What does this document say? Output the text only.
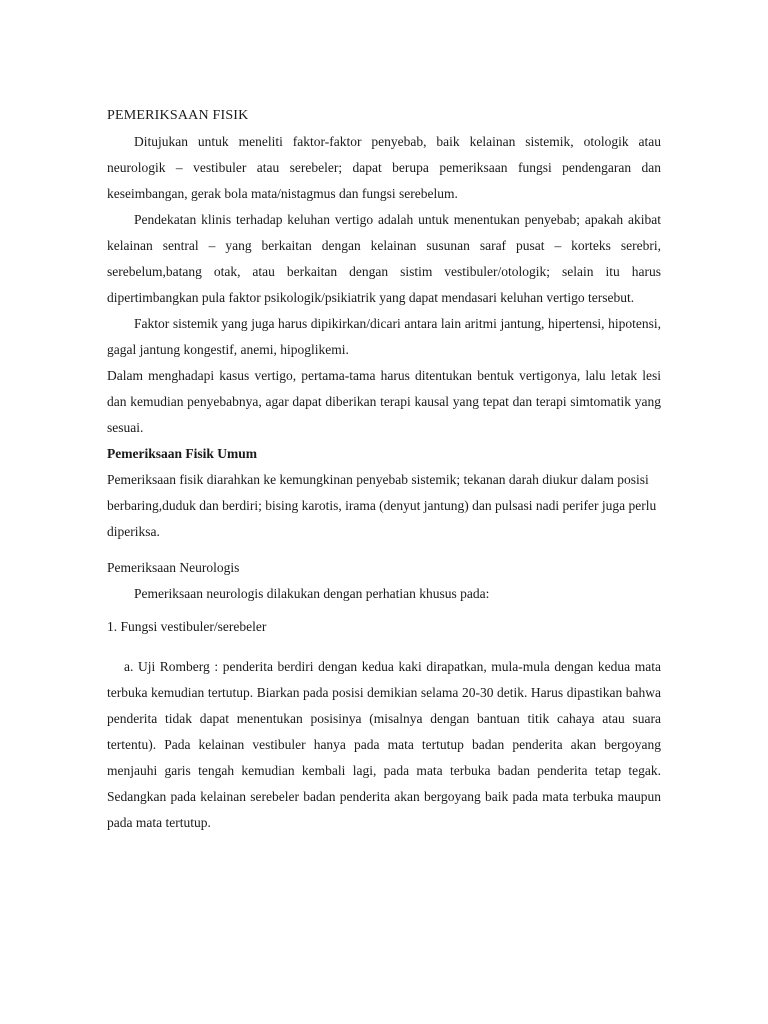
PEMERIKSAAN FISIK

Ditujukan untuk meneliti faktor-faktor penyebab, baik kelainan sistemik, otologik atau neurologik – vestibuler atau serebeler; dapat berupa pemeriksaan fungsi pendengaran dan keseimbangan, gerak bola mata/nistagmus dan fungsi serebelum.

Pendekatan klinis terhadap keluhan vertigo adalah untuk menentukan penyebab; apakah akibat kelainan sentral – yang berkaitan dengan kelainan susunan saraf pusat – korteks serebri, serebelum,batang otak, atau berkaitan dengan sistim vestibuler/otologik; selain itu harus dipertimbangkan pula faktor psikologik/psikiatrik yang dapat mendasari keluhan vertigo tersebut.

Faktor sistemik yang juga harus dipikirkan/dicari antara lain aritmi jantung, hipertensi, hipotensi, gagal jantung kongestif, anemi, hipoglikemi.

Dalam menghadapi kasus vertigo, pertama-tama harus ditentukan bentuk vertigonya, lalu letak lesi dan kemudian penyebabnya, agar dapat diberikan terapi kausal yang tepat dan terapi simtomatik yang sesuai.

Pemeriksaan Fisik Umum

Pemeriksaan fisik diarahkan ke kemungkinan penyebab sistemik; tekanan darah diukur dalam posisi berbaring,duduk dan berdiri; bising karotis, irama (denyut jantung) dan pulsasi nadi perifer juga perlu diperiksa.

Pemeriksaan Neurologis

Pemeriksaan neurologis dilakukan dengan perhatian khusus pada:

1. Fungsi vestibuler/serebeler

a. Uji Romberg : penderita berdiri dengan kedua kaki dirapatkan, mula-mula dengan kedua mata terbuka kemudian tertutup. Biarkan pada posisi demikian selama 20-30 detik. Harus dipastikan bahwa penderita tidak dapat menentukan posisinya (misalnya dengan bantuan titik cahaya atau suara tertentu). Pada kelainan vestibuler hanya pada mata tertutup badan penderita akan bergoyang menjauhi garis tengah kemudian kembali lagi, pada mata terbuka badan penderita tetap tegak. Sedangkan pada kelainan serebeler badan penderita akan bergoyang baik pada mata terbuka maupun pada mata tertutup.
